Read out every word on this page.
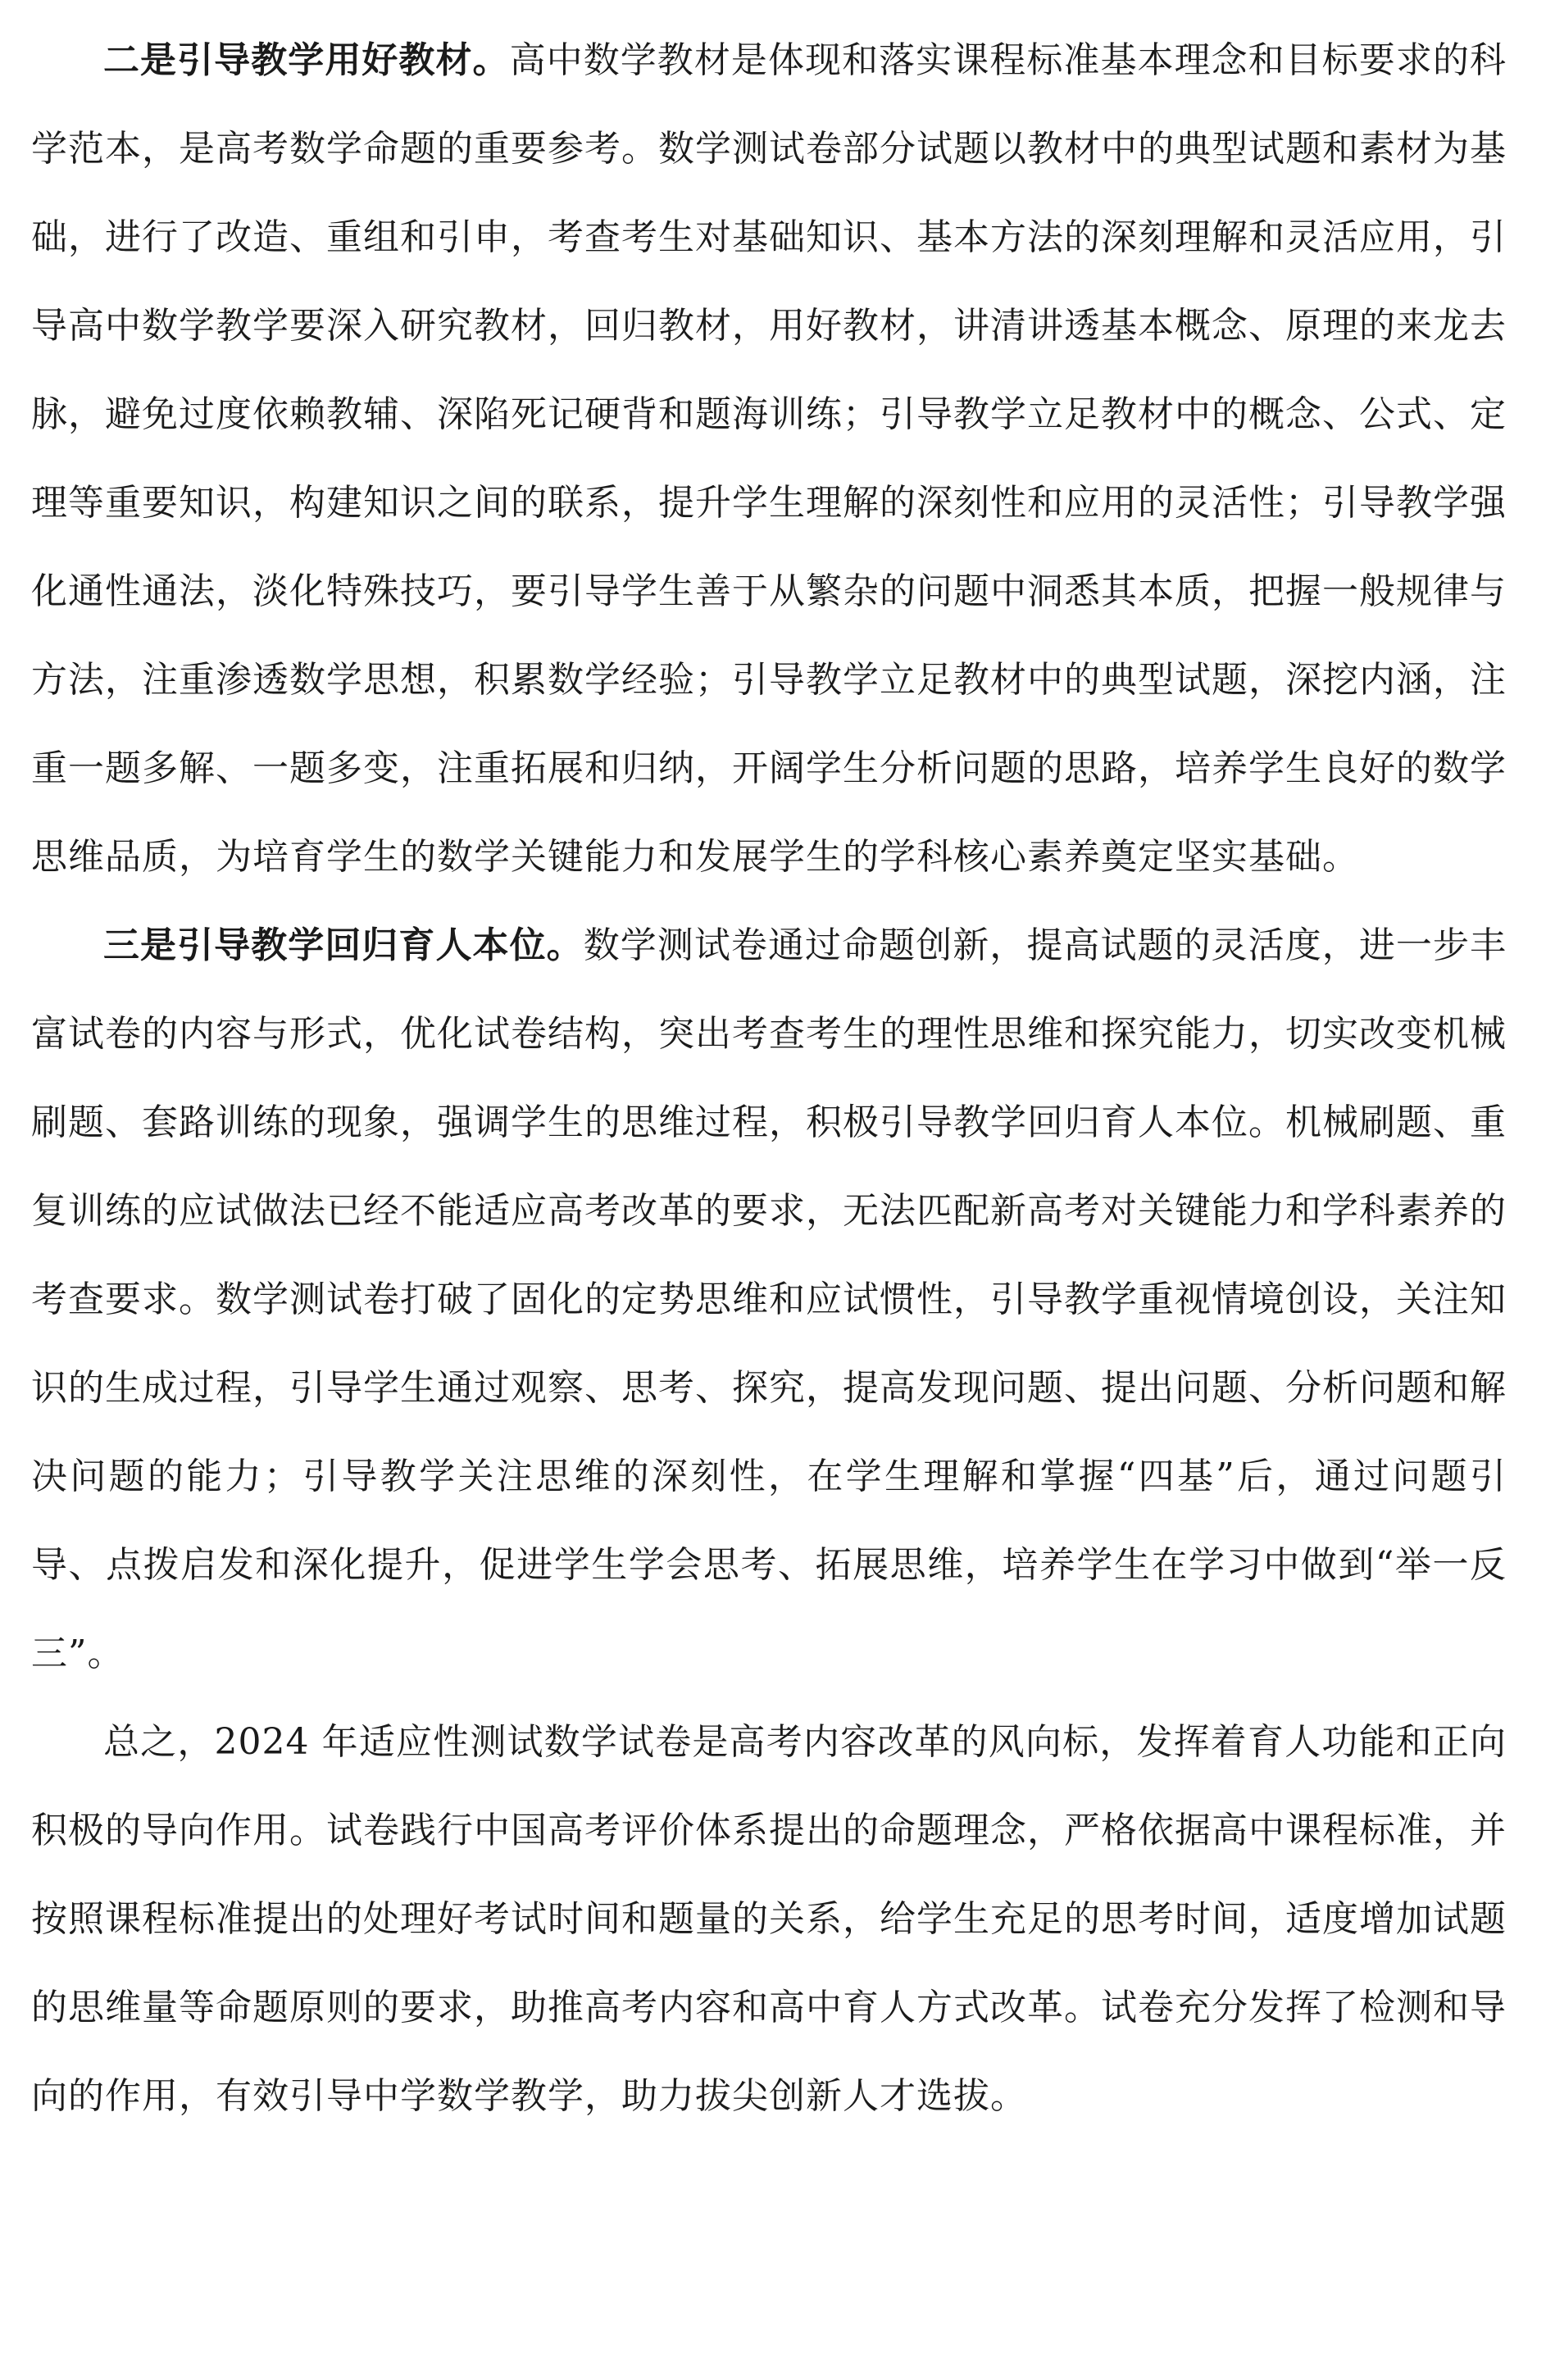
二是引导教学用好教材。高中数学教材是体现和落实课程标准基本理念和目标要求的科学范本，是高考数学命题的重要参考。数学测试卷部分试题以教材中的典型试题和素材为基础，进行了改造、重组和引申，考查考生对基础知识、基本方法的深刻理解和灵活应用，引导高中数学教学要深入研究教材，回归教材，用好教材，讲清讲透基本概念、原理的来龙去脉，避免过度依赖教辅、深陷死记硬背和题海训练；引导教学立足教材中的概念、公式、定理等重要知识，构建知识之间的联系，提升学生理解的深刻性和应用的灵活性；引导教学强化通性通法，淡化特殊技巧，要引导学生善于从繁杂的问题中洞悉其本质，把握一般规律与方法，注重渗透数学思想，积累数学经验；引导教学立足教材中的典型试题，深挖内涵，注重一题多解、一题多变，注重拓展和归纳，开阔学生分析问题的思路，培养学生良好的数学思维品质，为培育学生的数学关键能力和发展学生的学科核心素养奠定坚实基础。

三是引导教学回归育人本位。数学测试卷通过命题创新，提高试题的灵活度，进一步丰富试卷的内容与形式，优化试卷结构，突出考查考生的理性思维和探究能力，切实改变机械刷题、套路训练的现象，强调学生的思维过程，积极引导教学回归育人本位。机械刷题、重复训练的应试做法已经不能适应高考改革的要求，无法匹配新高考对关键能力和学科素养的考查要求。数学测试卷打破了固化的定势思维和应试惯性，引导教学重视情境创设，关注知识的生成过程，引导学生通过观察、思考、探究，提高发现问题、提出问题、分析问题和解决问题的能力；引导教学关注思维的深刻性，在学生理解和掌握“四基”后，通过问题引导、点拨启发和深化提升，促进学生学会思考、拓展思维，培养学生在学习中做到“举一反三”。

总之，2024 年适应性测试数学试卷是高考内容改革的风向标，发挥着育人功能和正向积极的导向作用。试卷践行中国高考评价体系提出的命题理念，严格依据高中课程标准，并按照课程标准提出的处理好考试时间和题量的关系，给学生充足的思考时间，适度增加试题的思维量等命题原则的要求，助推高考内容和高中育人方式改革。试卷充分发挥了检测和导向的作用，有效引导中学数学教学，助力拔尖创新人才选拔。
